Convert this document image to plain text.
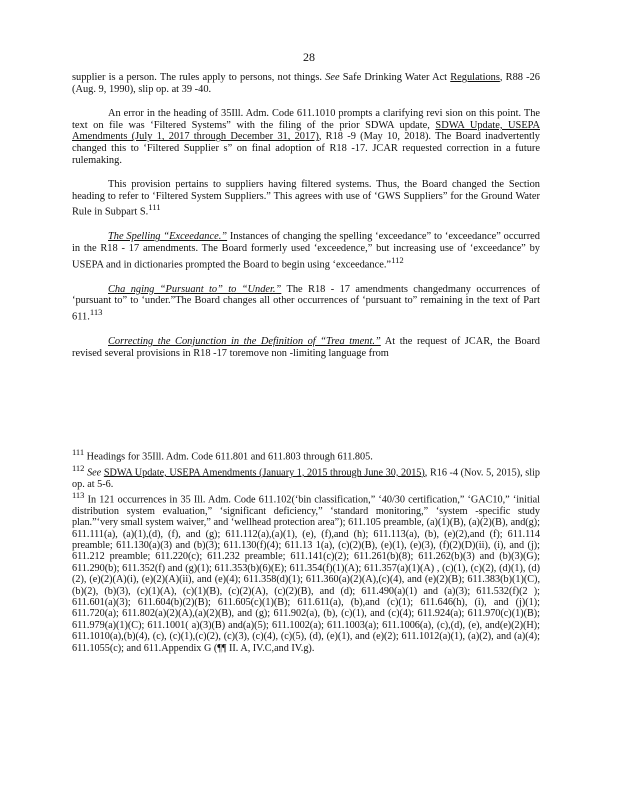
28

supplier is a person. The rules apply to persons, not things. See Safe Drinking Water Act Regulations, R88 -26 (Aug. 9, 1990), slip op. at 39 -40.

An error in the heading of 35Ill. Adm. Code 611.1010 prompts a clarifying revi sion on this point. The text on file was ‘Filtered Systems” with the filing of the prior SDWA update, SDWA Update, USEPA Amendments (July 1, 2017 through December 31, 2017), R18 -9 (May 10, 2018). The Board inadvertently changed this to ‘Filtered Supplier s” on final adoption of R18 -17. JCAR requested correction in a future rulemaking.

This provision pertains to suppliers having filtered systems. Thus, the Board changed the Section heading to refer to ‘Filtered System Suppliers.” This agrees with use of ‘GWS Suppliers” for the Ground Water Rule in Subpart S.$^{111}$

The Spelling “Exceedance.” Instances of changing the spelling ‘exceedance” to ‘exceedance” occurred in the R18 - 17 amendments. The Board formerly used ‘exceedence,” but increasing use of ‘exceedance” by USEPA and in dictionaries prompted the Board to begin using ‘exceedance.”$^{112}$

Cha nging “Pursuant to” to “Under.” The R18 - 17 amendments changedmany occurrences of ‘pursuant to” to ‘under.”The Board changes all other occurrences of ‘pursuant to” remaining in the text of Part 611.$^{113}$

Correcting the Conjunction in the Definition of “Trea tment.” At the request of JCAR, the Board revised several provisions in R18 -17 toremove non -limiting language from

$^{111}$ Headings for 35Ill. Adm. Code 611.801 and 611.803 through 611.805.

$^{112}$ See SDWA Update, USEPA Amendments (January 1, 2015 through June 30, 2015), R16 -4 (Nov. 5, 2015), slip op. at 5-6.

$^{113}$ In 121 occurrences in 35 Ill. Adm. Code 611.102(‘bin classification,” ‘40/30 certification,” ‘GAC10,” ‘initial distribution system evaluation,” ‘significant deficiency,” ‘standard monitoring,” ‘system -specific study plan.”‘very small system waiver,” and ‘wellhead protection area”); 611.105 preamble, (a)(1)(B), (a)(2)(B), and(g); 611.111(a), (a)(1),(d), (f), and (g); 611.112(a),(a)(1), (e), (f),and (h); 611.113(a), (b), (e)(2),and (f); 611.114 preamble; 611.130(a)(3) and (b)(3); 611.130(f)(4); 611.13 1(a), (c)(2)(B), (e)(1), (e)(3), (f)(2)(D)(ii), (i), and (j); 611.212 preamble; 611.220(c); 611.232 preamble; 611.141(c)(2); 611.261(b)(8); 611.262(b)(3) and (b)(3)(G); 611.290(b); 611.352(f) and (g)(1); 611.353(b)(6)(E); 611.354(f)(1)(A); 611.357(a)(1)(A) , (c)(1), (c)(2), (d)(1), (d)(2), (e)(2)(A)(i), (e)(2)(A)(ii), and (e)(4); 611.358(d)(1); 611.360(a)(2)(A),(c)(4), and (e)(2)(B); 611.383(b)(1)(C), (b)(2), (b)(3), (c)(1)(A), (c)(1)(B), (c)(2)(A), (c)(2)(B), and (d); 611.490(a)(1) and (a)(3); 611.532(f)(2 ); 611.601(a)(3); 611.604(b)(2)(B); 611.605(c)(1)(B); 611.611(a), (b),and (c)(1); 611.646(h), (i), and (j)(1); 611.720(a); 611.802(a)(2)(A),(a)(2)(B), and (g); 611.902(a), (b), (c)(1), and (c)(4); 611.924(a); 611.970(c)(1)(B); 611.979(a)(1)(C); 611.1001( a)(3)(B) and(a)(5); 611.1002(a); 611.1003(a); 611.1006(a), (c),(d), (e), and(e)(2)(H); 611.1010(a),(b)(4), (c), (c)(1),(c)(2), (c)(3), (c)(4), (c)(5), (d), (e)(1), and (e)(2); 611.1012(a)(1), (a)(2), and (a)(4); 611.1055(c); and 611.Appendix G (¶¶ II. A, IV.C,and IV.g).
